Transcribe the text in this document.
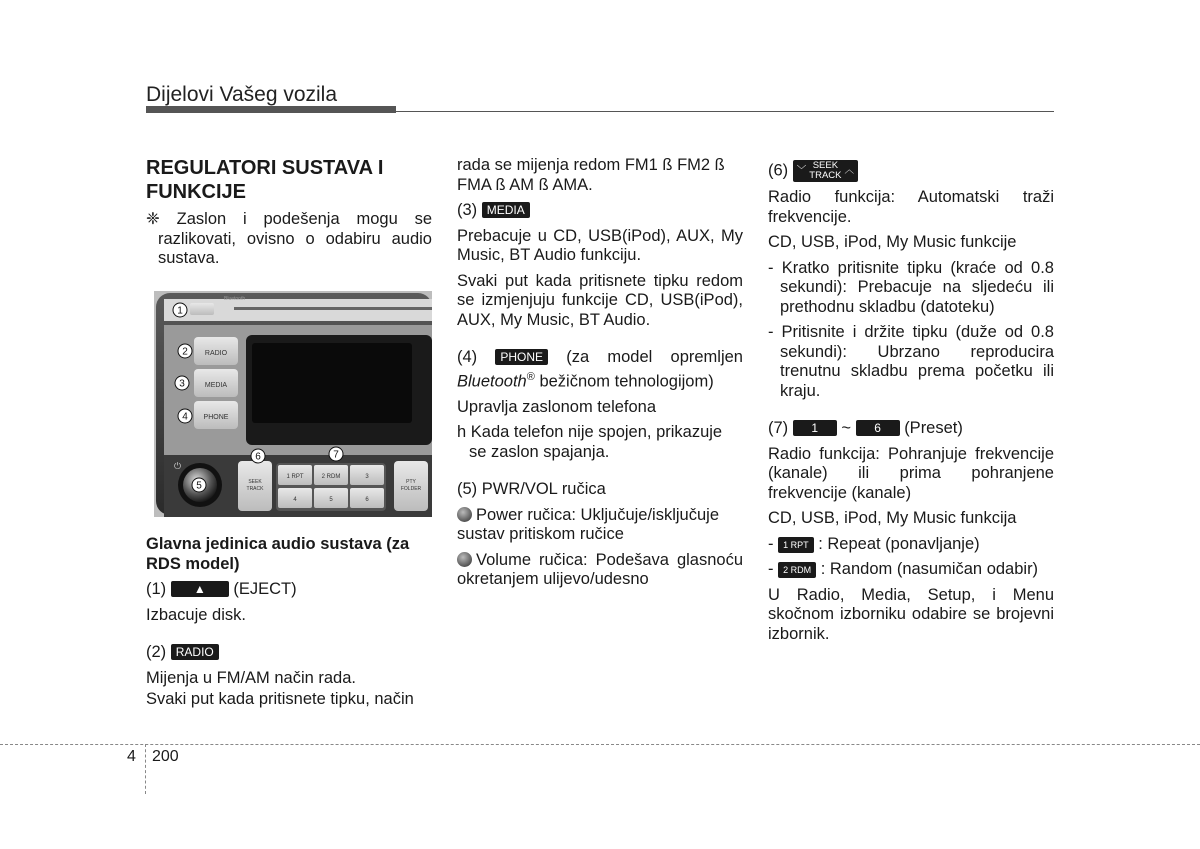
Dijelovi Vašeg vozila
REGULATORI SUSTAVA I FUNKCIJE

❈ Zaslon i podešenja mogu se razlikovati, ovisno o odabiru audio sustava.

Bluetooth
RADIO
MEDIA
PHONE
⏻
SEEK
TRACK
1 RPT	2 RDM	3
4	5	6
PTY
FOLDER
1
2
3
4
5
6	7

Glavna jedinica audio sustava (za RDS model)

(1) ▲ (EJECT)

Izbacuje disk.

(2) RADIO

Mijenja u FM/AM način rada.

Svaki put kada pritisnete tipku, način

rada se mijenja redom FM1 ß FM2 ß FMA ß AM ß AMA.

(3) MEDIA

Prebacuje u CD, USB(iPod), AUX, My Music, BT Audio funkciju.

Svaki put kada pritisnete tipku redom se izmjenjuju funkcije CD, USB(iPod), AUX, My Music, BT Audio.

(4) PHONE (za model opremljen Bluetooth® bežičnom tehnologijom)

Upravlja zaslonom telefona

h Kada telefon nije spojen, prikazuje se zaslon spajanja.

(5) PWR/VOL ručica

Power ručica: Uključuje/isključuje sustav pritiskom ručice

Volume ručica: Podešava glasnoću okretanjem ulijevo/udesno

(6) ﹀ SEEK
TRACK ︿

Radio funkcija: Automatski traži frekvencije.

CD, USB, iPod, My Music funkcije

- Kratko pritisnite tipku (kraće od 0.8 sekundi): Prebacuje na sljedeću ili prethodnu skladbu (datoteku)

- Pritisnite i držite tipku (duže od 0.8 sekundi): Ubrzano reproducira trenutnu skladbu prema početku ili kraju.

(7) 1 ~ 6 (Preset)

Radio funkcija: Pohranjuje frekvencije (kanale) ili prima pohranjene frekvencije (kanale)

CD, USB, iPod, My Music funkcija

- 1 RPT : Repeat (ponavljanje)

- 2 RDM : Random (nasumičan odabir)

U Radio, Media, Setup, i Menu skočnom izborniku odabire se brojevni izbornik.

4 200
